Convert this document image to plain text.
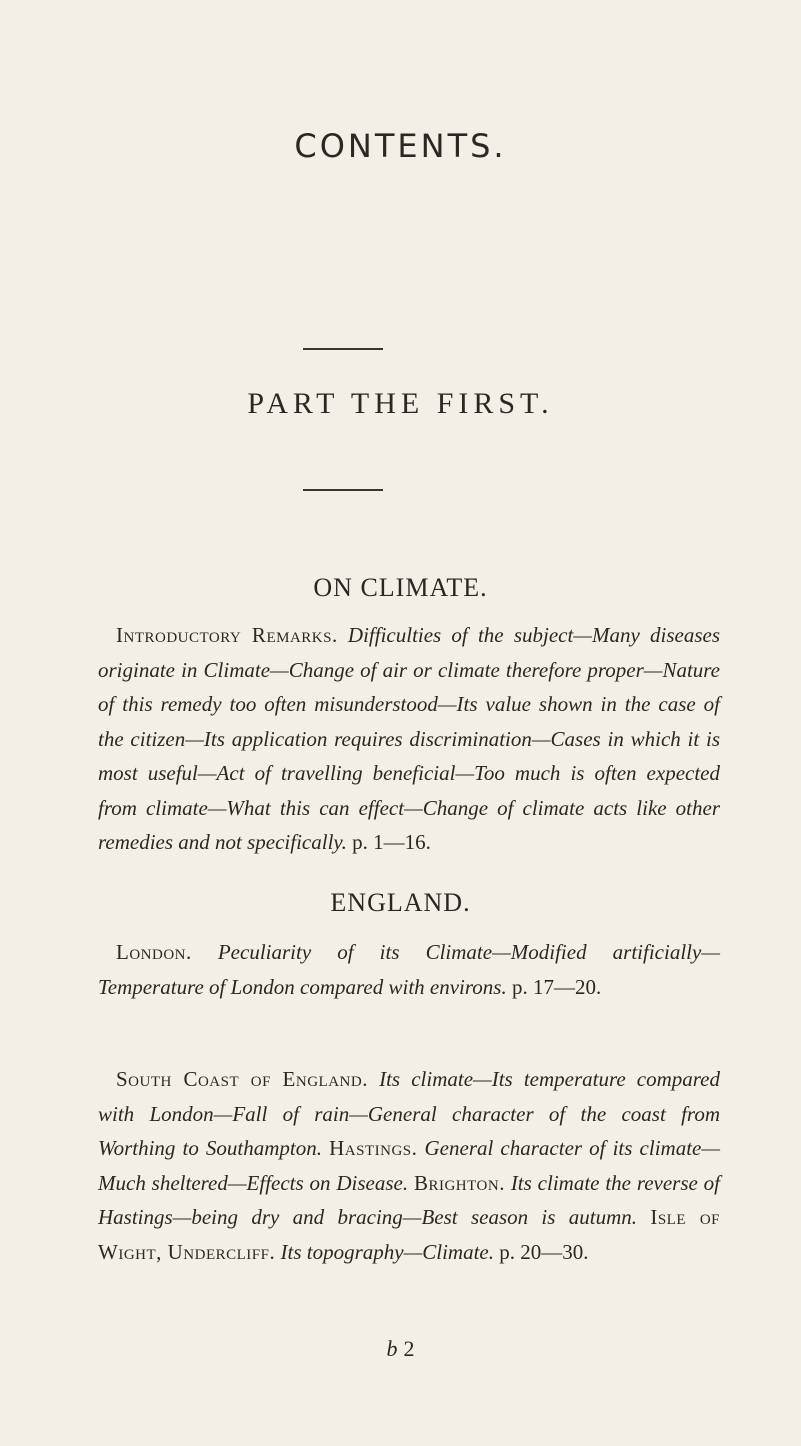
CONTENTS.
PART THE FIRST.
ON CLIMATE.

Introductory Remarks. Difficulties of the subject—Many diseases originate in Climate—Change of air or climate therefore proper—Nature of this remedy too often misunderstood—Its value shown in the case of the citizen—Its application requires discrimination—Cases in which it is most useful—Act of travelling beneficial—Too much is often expected from climate—What this can effect—Change of climate acts like other remedies and not specifically. p. 1—16.

ENGLAND.

London. Peculiarity of its Climate—Modified artificially—Temperature of London compared with environs. p. 17—20.

South Coast of England. Its climate—Its temperature compared with London—Fall of rain—General character of the coast from Worthing to Southampton. Hastings. General character of its climate—Much sheltered—Effects on Disease. Brighton. Its climate the reverse of Hastings—being dry and bracing—Best season is autumn. Isle of Wight, Undercliff. Its topography—Climate. p. 20—30.

b 2
